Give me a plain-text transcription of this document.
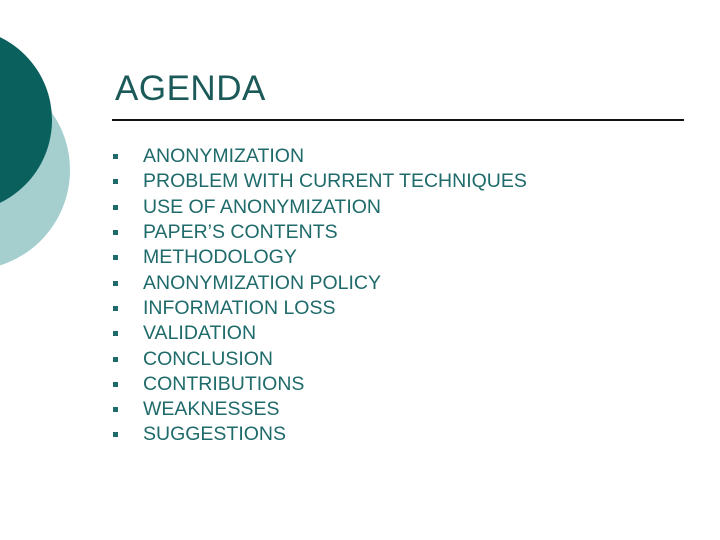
AGENDA
ANONYMIZATION
PROBLEM WITH CURRENT TECHNIQUES
USE OF ANONYMIZATION
PAPER’S CONTENTS
METHODOLOGY
ANONYMIZATION POLICY
INFORMATION LOSS
VALIDATION
CONCLUSION
CONTRIBUTIONS
WEAKNESSES
SUGGESTIONS
